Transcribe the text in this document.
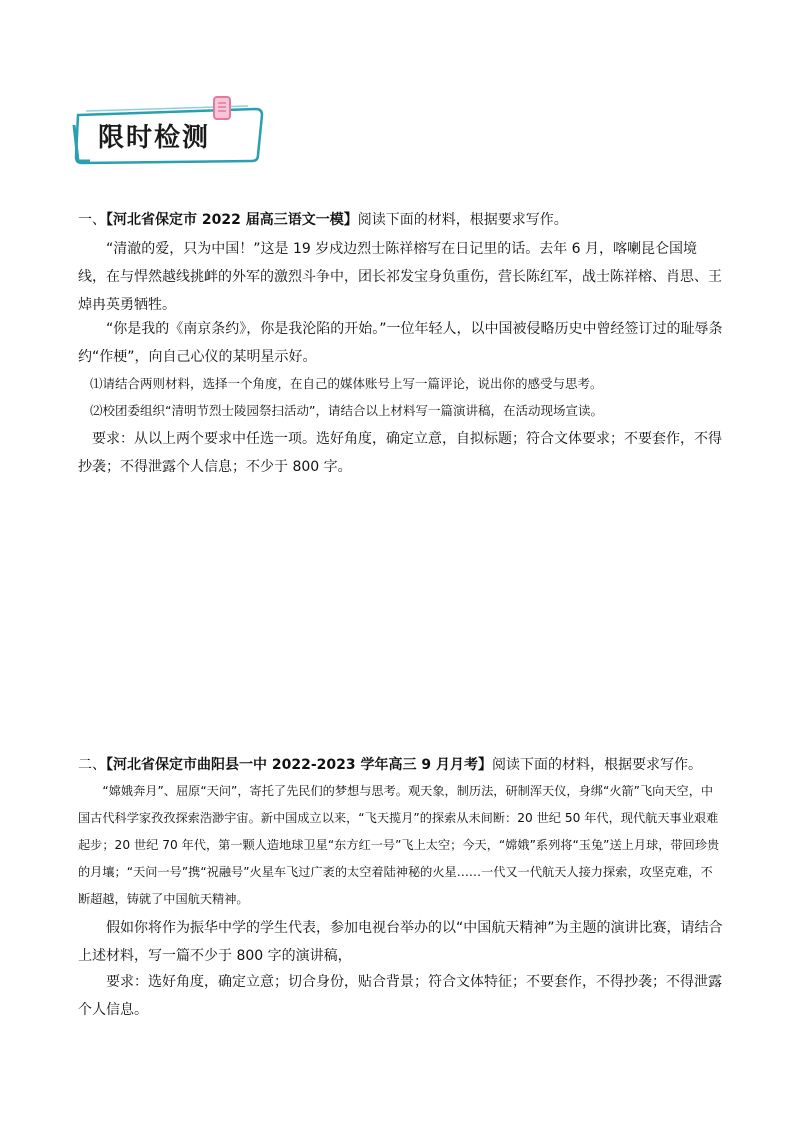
限时检测
一、【河北省保定市 2022 届高三语文一模】阅读下面的材料，根据要求写作。

“清澈的爱，只为中国！”这是 19 岁戍边烈士陈祥榕写在日记里的话。去年 6 月，喀喇昆仑国境线，在与悍然越线挑衅的外军的激烈斗争中，团长祁发宝身负重伤，营长陈红军，战士陈祥榕、肖思、王焯冉英勇牺牲。

“你是我的《南京条约》，你是我沦陷的开始。”一位年轻人，以中国被侵略历史中曾经签订过的耻辱条约“作梗”，向自己心仪的某明星示好。

⑴请结合两则材料，选择一个角度，在自己的媒体账号上写一篇评论，说出你的感受与思考。

⑵校团委组织“清明节烈士陵园祭扫活动”，请结合以上材料写一篇演讲稿，在活动现场宣读。

要求：从以上两个要求中任选一项。选好角度，确定立意，自拟标题；符合文体要求；不要套作，不得抄袭；不得泄露个人信息；不少于 800 字。

二、【河北省保定市曲阳县一中 2022-2023 学年高三 9 月月考】阅读下面的材料，根据要求写作。

“嫦娥奔月”、屈原“天问”，寄托了先民们的梦想与思考。观天象，制历法，研制浑天仪，身绑“火箭”飞向天空，中国古代科学家孜孜探索浩渺宇宙。新中国成立以来，“飞天揽月”的探索从未间断：20 世纪 50 年代，现代航天事业艰难起步；20 世纪 70 年代，第一颗人造地球卫星“东方红一号”飞上太空；今天，“嫦娥”系列将“玉兔”送上月球，带回珍贵的月壤；“天问一号”携“祝融号”火星车飞过广袤的太空着陆神秘的火星……一代又一代航天人接力探索，攻坚克难，不断超越，铸就了中国航天精神。

假如你将作为振华中学的学生代表，参加电视台举办的以“中国航天精神”为主题的演讲比赛，请结合上述材料，写一篇不少于 800 字的演讲稿，

要求：选好角度，确定立意；切合身份，贴合背景；符合文体特征；不要套作，不得抄袭；不得泄露个人信息。
